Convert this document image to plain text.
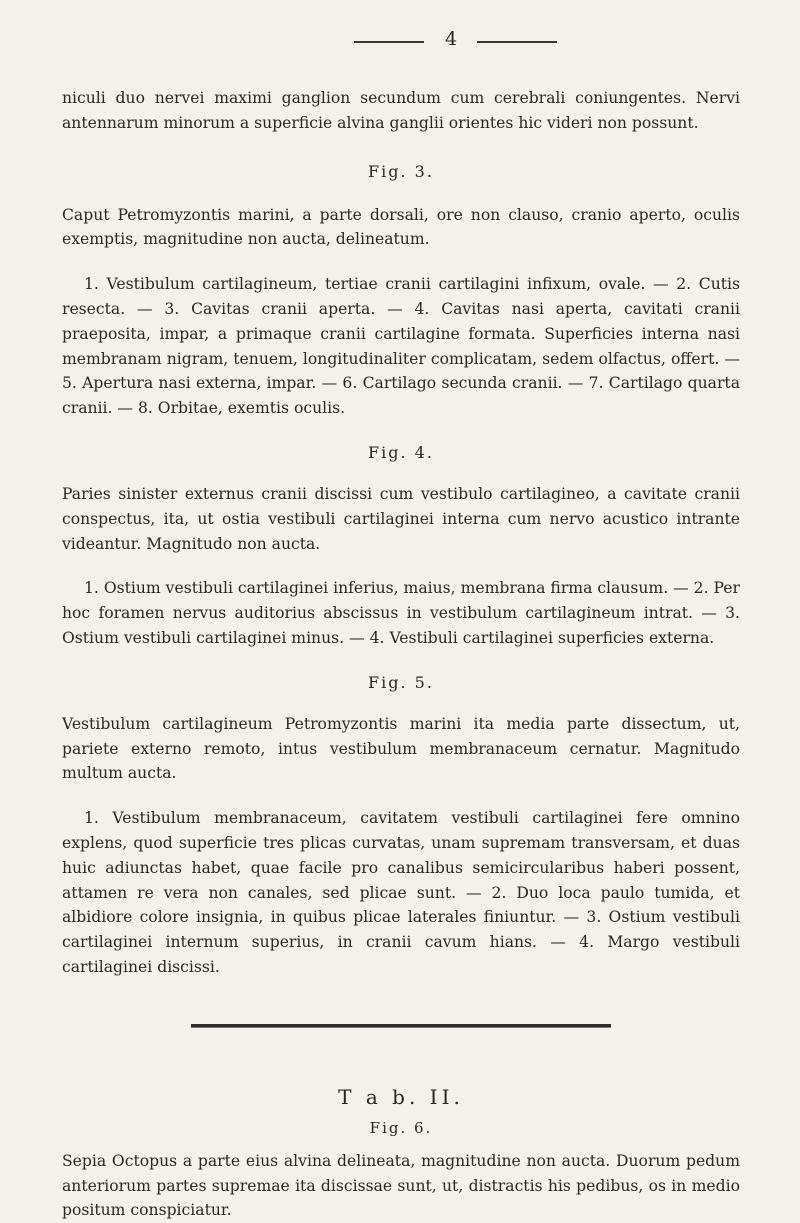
4

niculi duo nervei maximi ganglion secundum cum cerebrali coniungentes. Nervi antennarum minorum a superficie alvina ganglii orientes hic videri non possunt.

Fig. 3.

Caput Petromyzontis marini, a parte dorsali, ore non clauso, cranio aperto, oculis exemptis, magnitudine non aucta, delineatum.

1. Vestibulum cartilagineum, tertiae cranii cartilagini infixum, ovale. — 2. Cutis resecta. — 3. Cavitas cranii aperta. — 4. Cavitas nasi aperta, cavitati cranii praeposita, impar, a primaque cranii cartilagine formata. Superficies interna nasi membranam nigram, tenuem, longitudinaliter complicatam, sedem olfactus, offert. — 5. Apertura nasi externa, impar. — 6. Cartilago secunda cranii. — 7. Cartilago quarta cranii. — 8. Orbitae, exemtis oculis.

Fig. 4.

Paries sinister externus cranii discissi cum vestibulo cartilagineo, a cavitate cranii conspectus, ita, ut ostia vestibuli cartilaginei interna cum nervo acustico intrante videantur. Magnitudo non aucta.

1. Ostium vestibuli cartilaginei inferius, maius, membrana firma clausum. — 2. Per hoc foramen nervus auditorius abscissus in vestibulum cartilagineum intrat. — 3. Ostium vestibuli cartilaginei minus. — 4. Vestibuli cartilaginei superficies externa.

Fig. 5.

Vestibulum cartilagineum Petromyzontis marini ita media parte dissectum, ut, pariete externo remoto, intus vestibulum membranaceum cernatur. Magnitudo multum aucta.

1. Vestibulum membranaceum, cavitatem vestibuli cartilaginei fere omnino explens, quod superficie tres plicas curvatas, unam supremam transversam, et duas huic adiunctas habet, quae facile pro canalibus semicircularibus haberi possent, attamen re vera non canales, sed plicae sunt. — 2. Duo loca paulo tumida, et albidiore colore insignia, in quibus plicae laterales finiuntur. — 3. Ostium vestibuli cartilaginei internum superius, in cranii cavum hians. — 4. Margo vestibuli cartilaginei discissi.

T a b. II.
Fig. 6.

Sepia Octopus a parte eius alvina delineata, magnitudine non aucta. Duorum pedum anteriorum partes supremae ita discissae sunt, ut, distractis his pedibus, os in medio positum conspiciatur.
